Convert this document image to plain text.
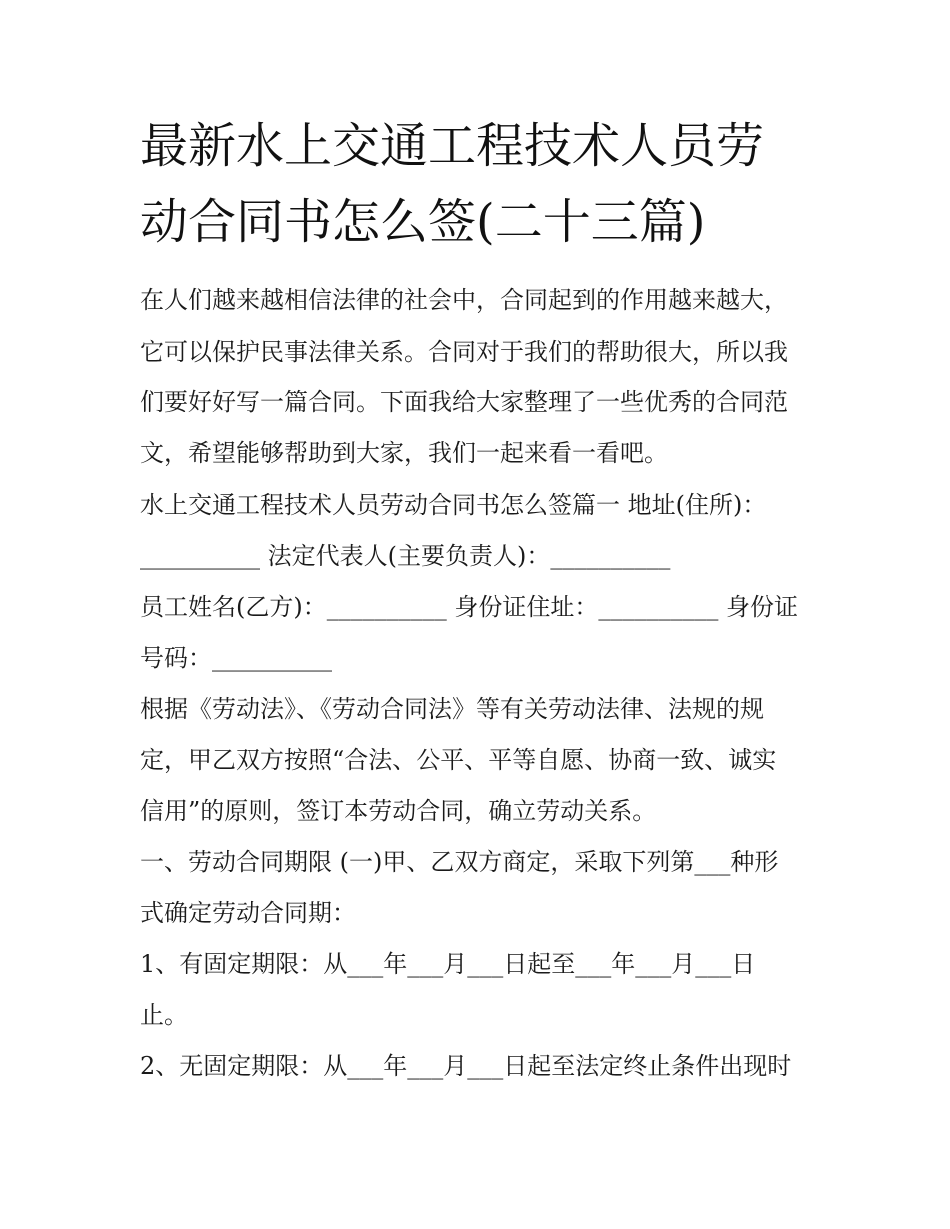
最新水上交通工程技术人员劳
动合同书怎么签(二十三篇)

在人们越来越相信法律的社会中，合同起到的作用越来越大，

它可以保护民事法律关系。合同对于我们的帮助很大，所以我

们要好好写一篇合同。下面我给大家整理了一些优秀的合同范

文，希望能够帮助到大家，我们一起来看一看吧。

水上交通工程技术人员劳动合同书怎么签篇一 地址(住所)：

__________ 法定代表人(主要负责人)：__________

员工姓名(乙方)：__________ 身份证住址：__________ 身份证

号码：__________

根据《劳动法》、《劳动合同法》等有关劳动法律、法规的规

定，甲乙双方按照“合法、公平、平等自愿、协商一致、诚实

信用”的原则，签订本劳动合同，确立劳动关系。

一、劳动合同期限 (一)甲、乙双方商定，采取下列第___种形

式确定劳动合同期：

1、有固定期限：从___年___月___日起至___年___月___日

止。

2、无固定期限：从___年___月___日起至法定终止条件出现时
